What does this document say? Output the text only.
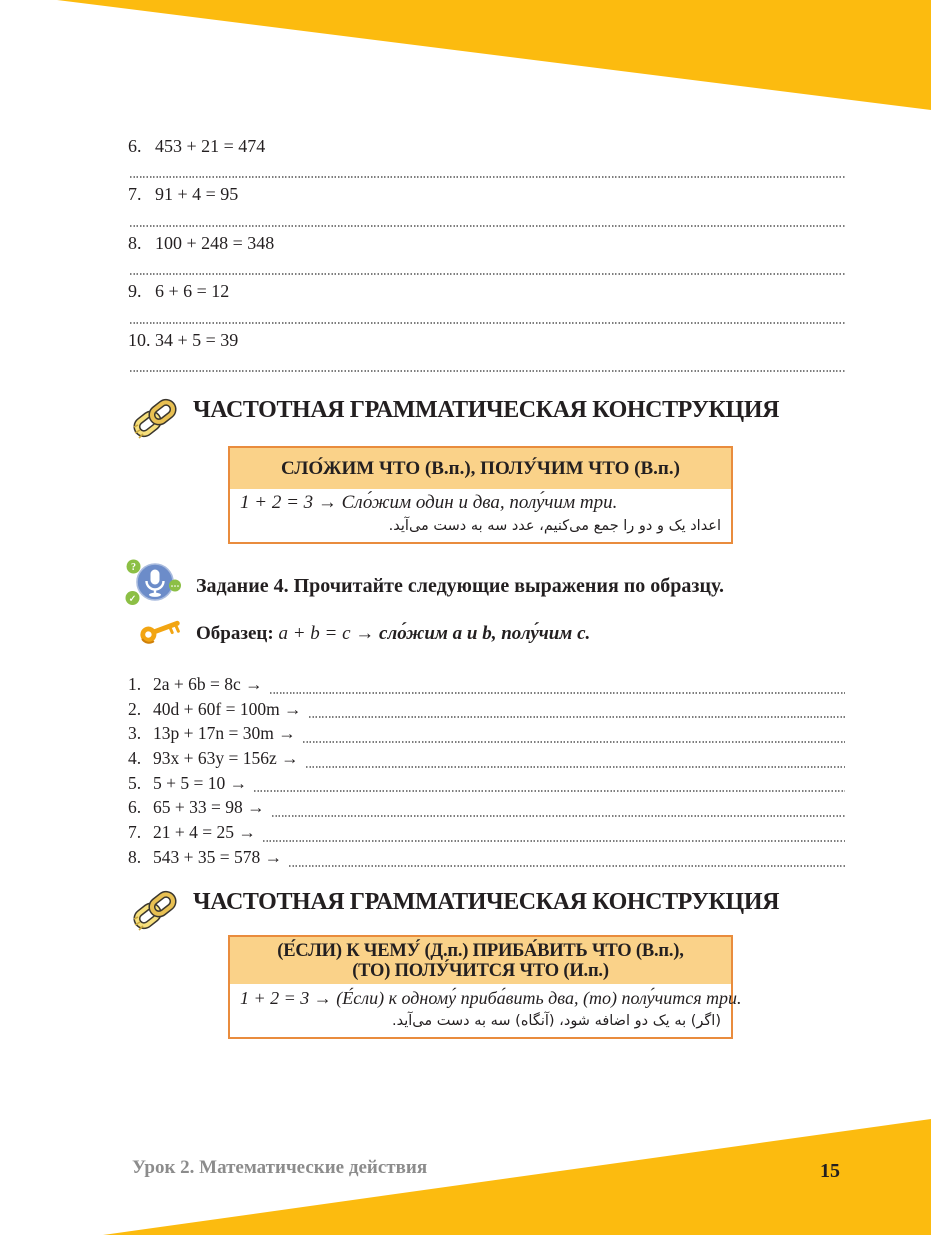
6. 453 + 21 = 474
7. 91 + 4 = 95
8. 100 + 248 = 348
9. 6 + 6 = 12
10. 34 + 5 = 39
ЧАСТОТНАЯ ГРАММАТИЧЕСКАЯ КОНСТРУКЦИЯ
СЛО́ЖИМ ЧТО (В.п.), ПОЛУ́ЧИМ ЧТО (В.п.)
1 + 2 = 3 → Сло́жим один и два, полу́чим три.
اعداد یک و دو را جمع می‌کنیم، عدد سه به دست می‌آید.
?
✓
⋯ Задание 4. Прочитайте следующие выражения по образцу.
Образец: a + b = c → сло́жим a и b, полу́чим c.
1. 2a + 6b = 8c →
2. 40d + 60f = 100m →
3. 13p + 17n = 30m →
4. 93x + 63y = 156z →
5. 5 + 5 = 10 →
6. 65 + 33 = 98 →
7. 21 + 4 = 25 →
8. 543 + 35 = 578 →
ЧАСТОТНАЯ ГРАММАТИЧЕСКАЯ КОНСТРУКЦИЯ
(Е́СЛИ) К ЧЕМУ́ (Д.п.) ПРИБА́ВИТЬ ЧТО (В.п.),
(ТО) ПОЛУ́ЧИТСЯ ЧТО (И.п.)
1 + 2 = 3 → (Е́сли) к одному́ приба́вить два, (то) полу́чится три.
(اگر) به یک دو اضافه شود، (آنگاه) سه به دست می‌آید.
Урок 2. Математические действия	15
